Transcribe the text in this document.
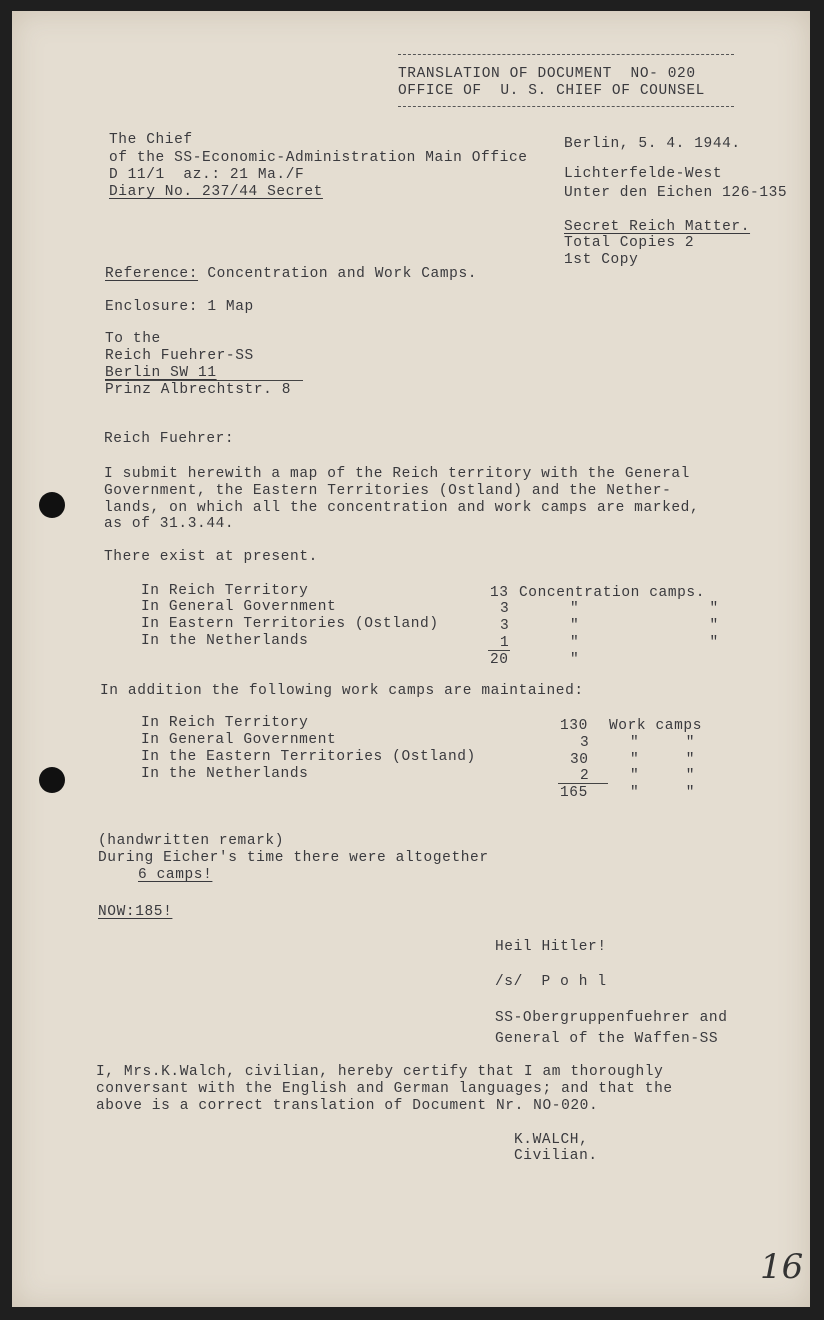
TRANSLATION OF DOCUMENT  NO- 020
OFFICE OF  U. S. CHIEF OF COUNSEL
The Chief
of the SS-Economic-Administration Main Office
D 11/1  az.: 21 Ma./F
Diary No. 237/44 Secret
Berlin, 5. 4. 1944.
Lichterfelde-West
Unter den Eichen 126-135
Secret Reich Matter.
Total Copies 2
1st Copy
Reference: Concentration and Work Camps.
Enclosure: 1 Map
To the
Reich Fuehrer-SS
Berlin SW 11
Prinz Albrechtstr. 8
Reich Fuehrer:
I submit herewith a map of the Reich territory with the General
Government, the Eastern Territories (Ostland) and the Nether-
lands, on which all the concentration and work camps are marked,
as of 31.3.44.
There exist at present.
In Reich Territory	13 Concentration camps.
In General Government	3	"              "
In Eastern Territories (Ostland)	3	"              "
In the Netherlands	1	"              "
20	"
In addition the following work camps are maintained:
In Reich Territory	130 Work camps
In General Government	3	"     "
In the Eastern Territories (Ostland)	30	"     "
In the Netherlands	2	"     "
165	"     "
(handwritten remark)
During Eicher's time there were altogether
6 camps!
NOW:185!
Heil Hitler!
/s/  P o h l
SS-Obergruppenfuehrer and
General of the Waffen-SS
I, Mrs.K.Walch, civilian, hereby certify that I am thoroughly
conversant with the English and German languages; and that the
above is a correct translation of Document Nr. NO-020.
K.WALCH,
Civilian.
16
